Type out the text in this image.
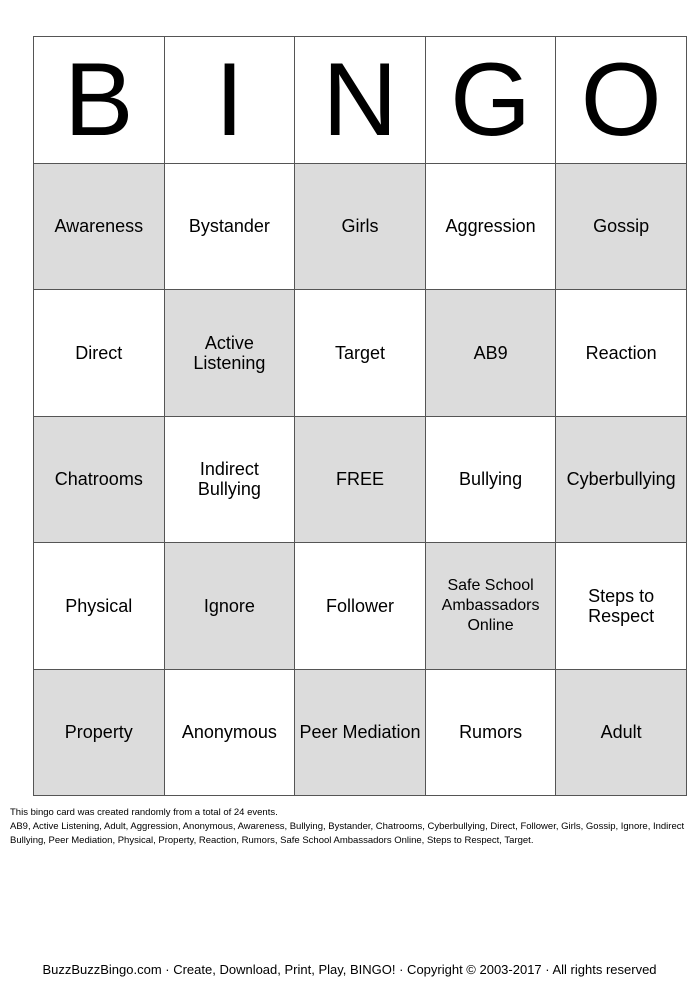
B	I	N	G	O
Awareness	Bystander	Girls	Aggression	Gossip
Direct	Active Listening	Target	AB9	Reaction
Chatrooms	Indirect Bullying	FREE	Bullying	Cyberbullying
Physical	Ignore	Follower	Safe School Ambassadors Online	Steps to Respect
Property	Anonymous	Peer Mediation	Rumors	Adult
This bingo card was created randomly from a total of 24 events.
AB9, Active Listening, Adult, Aggression, Anonymous, Awareness, Bullying, Bystander, Chatrooms, Cyberbullying, Direct, Follower, Girls, Gossip, Ignore, Indirect Bullying, Peer Mediation, Physical, Property, Reaction, Rumors, Safe School Ambassadors Online, Steps to Respect, Target.
BuzzBuzzBingo.com · Create, Download, Print, Play, BINGO! · Copyright © 2003-2017 · All rights reserved
